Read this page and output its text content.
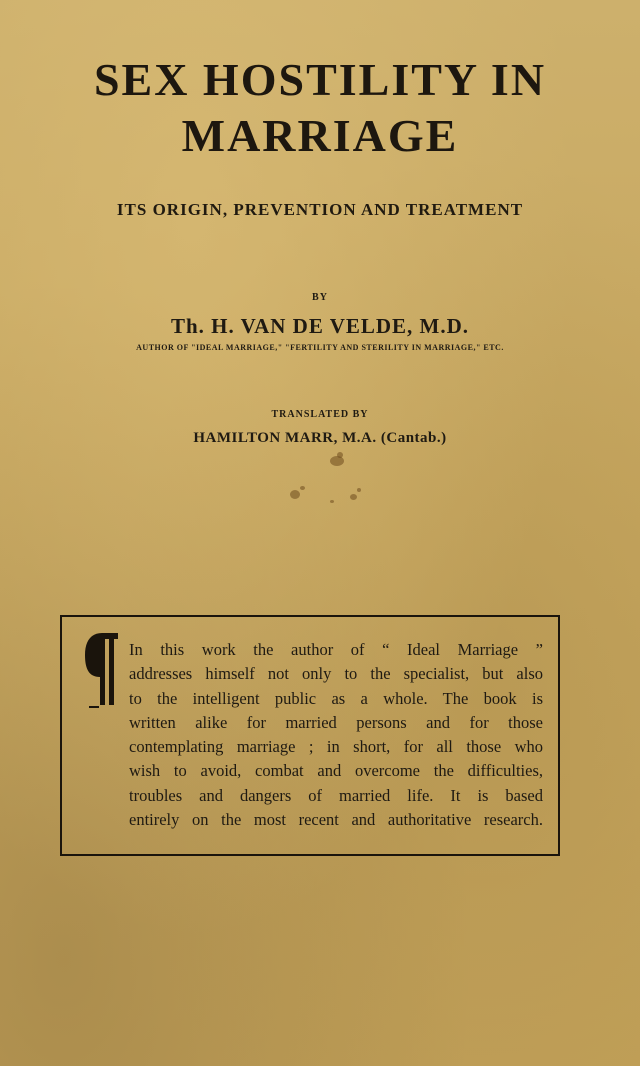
SEX HOSTILITY IN
MARRIAGE
ITS ORIGIN, PREVENTION AND TREATMENT
BY
Th. H. VAN DE VELDE, M.D.
AUTHOR OF "IDEAL MARRIAGE," "FERTILITY AND STERILITY IN MARRIAGE," ETC.
TRANSLATED BY
HAMILTON MARR, M.A. (Cantab.)
In this work the author of “ Ideal Marriage ”
addresses himself not only to the specialist, but also
to the intelligent public as a whole. The book is
written alike for married persons and for those
contemplating marriage ; in short, for all those who
wish to avoid, combat and overcome the difficulties,
troubles and dangers of married life. It is based
entirely on the most recent and authoritative research.
